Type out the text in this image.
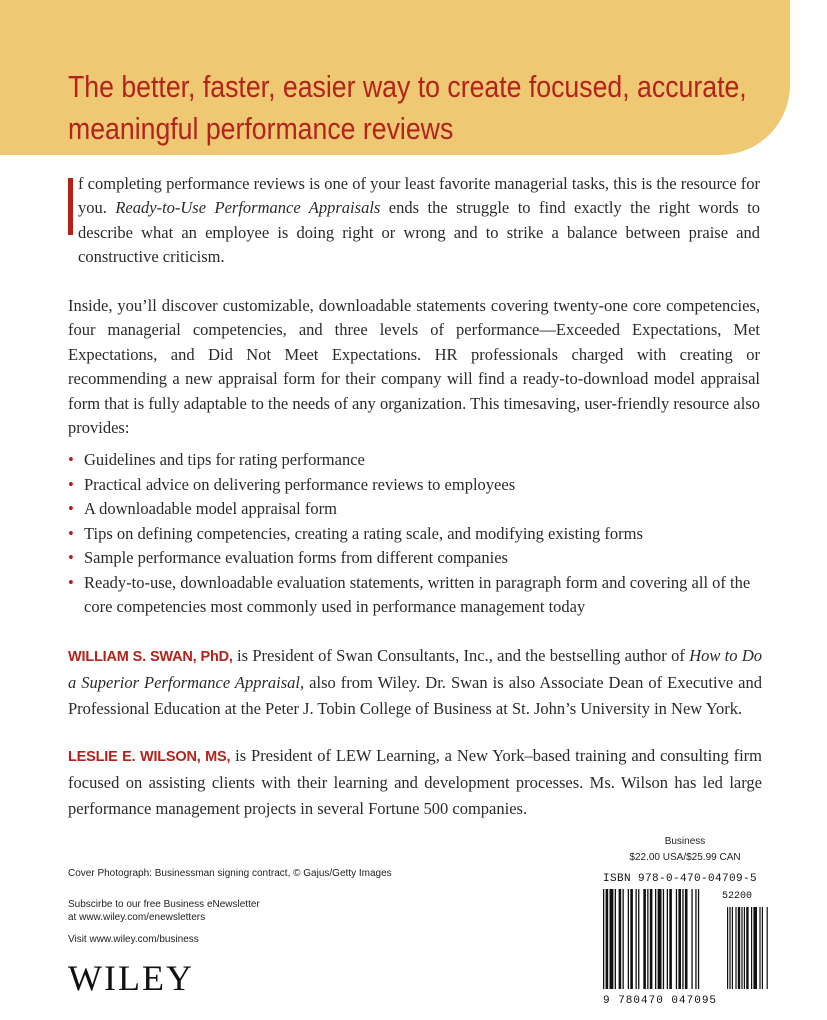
The better, faster, easier way to create focused, accurate, meaningful performance reviews

f completing performance reviews is one of your least favorite managerial tasks, this is the resource for you. Ready-to-Use Performance Appraisals ends the struggle to find exactly the right words to describe what an employee is doing right or wrong and to strike a balance between praise and constructive criticism.

Inside, you’ll discover customizable, downloadable statements covering twenty-one core competencies, four managerial competencies, and three levels of performance—Exceeded Expectations, Met Expectations, and Did Not Meet Expectations. HR professionals charged with creating or recommending a new appraisal form for their company will find a ready-to-download model appraisal form that is fully adaptable to the needs of any organization. This timesaving, user-friendly resource also provides:

• Guidelines and tips for rating performance
• Practical advice on delivering performance reviews to employees
• A downloadable model appraisal form
• Tips on defining competencies, creating a rating scale, and modifying existing forms
• Sample performance evaluation forms from different companies
• Ready-to-use, downloadable evaluation statements, written in paragraph form and covering all of the core competencies most commonly used in performance management today

WILLIAM S. SWAN, PhD, is President of Swan Consultants, Inc., and the bestselling author of How to Do a Superior Performance Appraisal, also from Wiley. Dr. Swan is also Associate Dean of Executive and Professional Education at the Peter J. Tobin College of Business at St. John’s University in New York.

LESLIE E. WILSON, MS, is President of LEW Learning, a New York–based training and consulting firm focused on assisting clients with their learning and development processes. Ms. Wilson has led large performance management projects in several Fortune 500 companies.

Cover Photograph: Businessman signing contract, © Gajus/Getty Images
Subscirbe to our free Business eNewsletter
at www.wiley.com/enewsletters
Visit www.wiley.com/business
WILEY
Business
$22.00 USA/$25.99 CAN
ISBN 978-0-470-04709-5
52200
9 780470 047095
